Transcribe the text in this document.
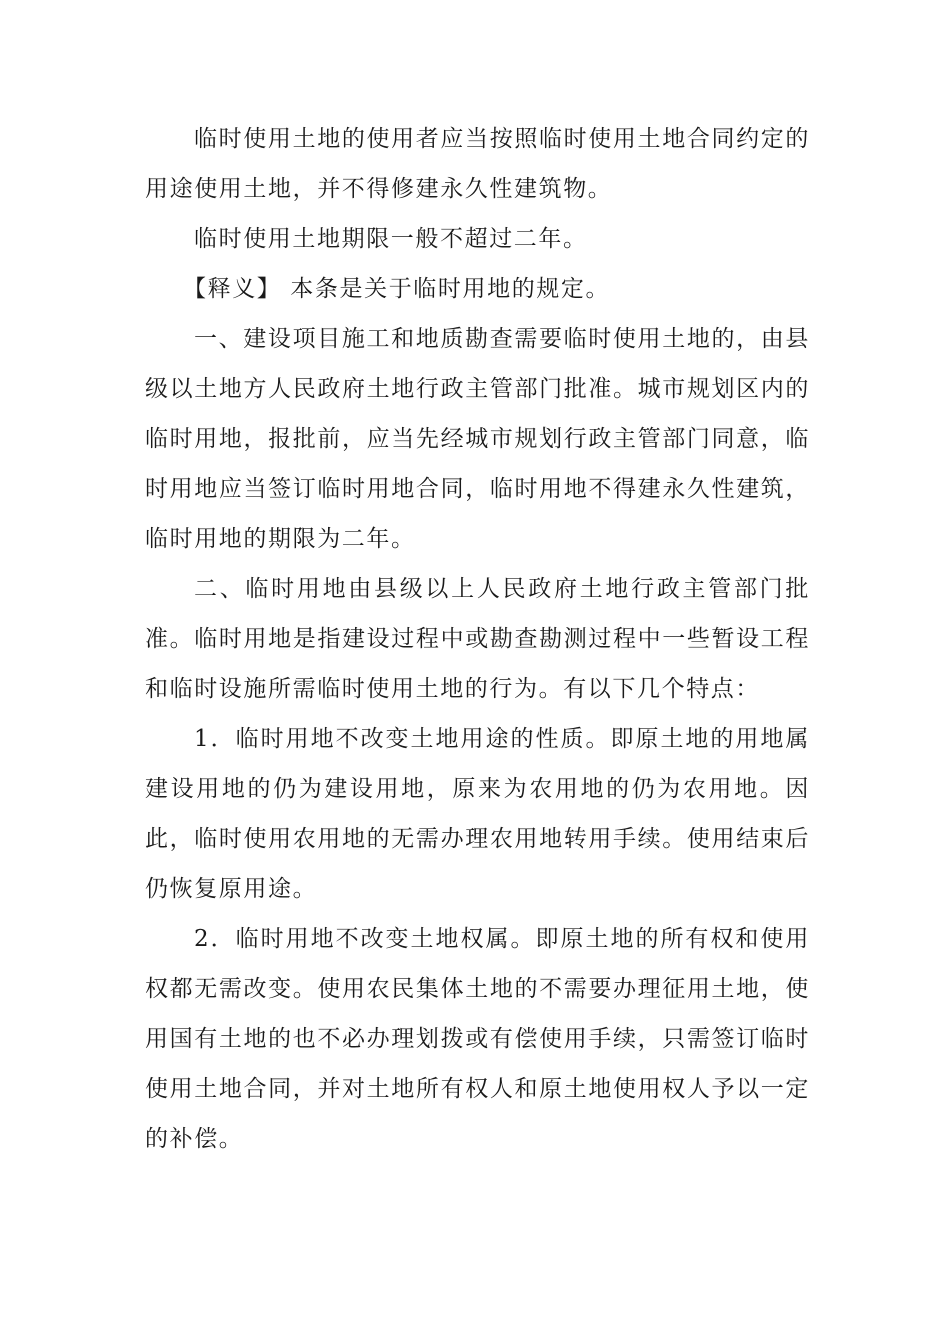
临时使用土地的使用者应当按照临时使用土地合同约定的用途使用土地，并不得修建永久性建筑物。

临时使用土地期限一般不超过二年。

【释义】 本条是关于临时用地的规定。

一、建设项目施工和地质勘查需要临时使用土地的，由县级以土地方人民政府土地行政主管部门批准。城市规划区内的临时用地，报批前，应当先经城市规划行政主管部门同意，临时用地应当签订临时用地合同，临时用地不得建永久性建筑，临时用地的期限为二年。

二、临时用地由县级以上人民政府土地行政主管部门批准。临时用地是指建设过程中或勘查勘测过程中一些暂设工程和临时设施所需临时使用土地的行为。有以下几个特点：

1．临时用地不改变土地用途的性质。即原土地的用地属建设用地的仍为建设用地，原来为农用地的仍为农用地。因此，临时使用农用地的无需办理农用地转用手续。使用结束后仍恢复原用途。

2．临时用地不改变土地权属。即原土地的所有权和使用权都无需改变。使用农民集体土地的不需要办理征用土地，使用国有土地的也不必办理划拨或有偿使用手续，只需签订临时使用土地合同，并对土地所有权人和原土地使用权人予以一定的补偿。
